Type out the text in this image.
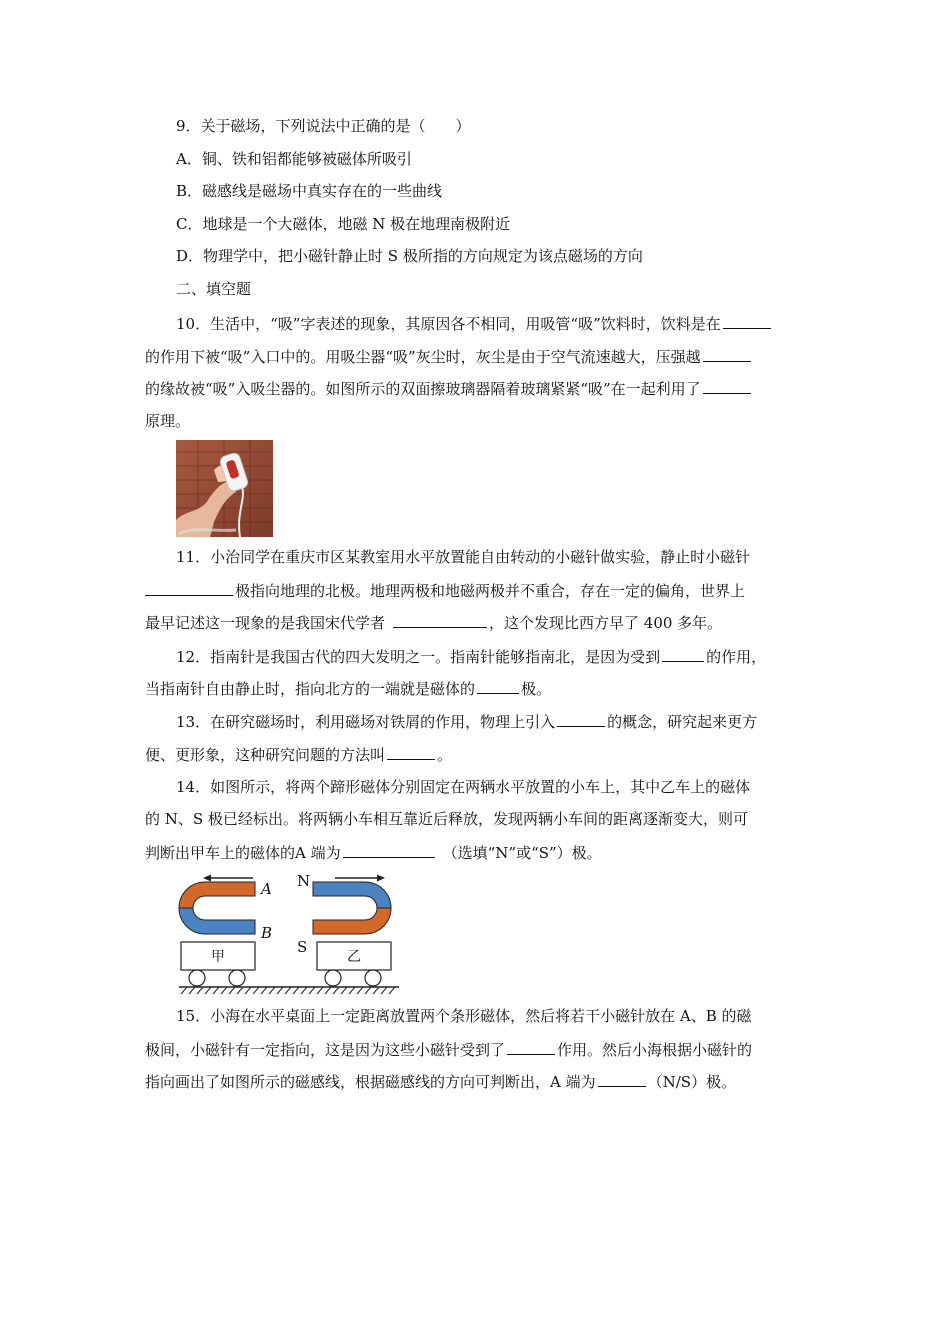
9．关于磁场，下列说法中正确的是（　　）
A．铜、铁和铝都能够被磁体所吸引
B．磁感线是磁场中真实存在的一些曲线
C．地球是一个大磁体，地磁 N 极在地理南极附近
D．物理学中，把小磁针静止时 S 极所指的方向规定为该点磁场的方向
二、填空题
10．生活中，“吸”字表述的现象，其原因各不相同，用吸管“吸”饮料时，饮料是在
的作用下被“吸”入口中的。用吸尘器“吸”灰尘时，灰尘是由于空气流速越大，压强越
的缘故被“吸”入吸尘器的。如图所示的双面擦玻璃器隔着玻璃紧紧“吸”在一起利用了
原理。
11．小治同学在重庆市区某教室用水平放置能自由转动的小磁针做实验，静止时小磁针
极指向地理的北极。地理两极和地磁两极并不重合，存在一定的偏角，世界上
最早记述这一现象的是我国宋代学者	，这个发现比西方早了 400 多年。
12．指南针是我国古代的四大发明之一。指南针能够指南北，是因为受到	的作用，
当指南针自由静止时，指向北方的一端就是磁体的	极。
13．在研究磁场时，利用磁场对铁屑的作用，物理上引入	的概念，研究起来更方
便、更形象，这种研究问题的方法叫	。
14．如图所示，将两个蹄形磁体分别固定在两辆水平放置的小车上，其中乙车上的磁体
的 N、S 极已经标出。将两辆小车相互靠近后释放，发现两辆小车间的距离逐渐变大，则可
判断出甲车上的磁体的A 端为	（选填“N”或“S”）极。
A
B
N
S
甲	乙
15．小海在水平桌面上一定距离放置两个条形磁体，然后将若干小磁针放在 A、B 的磁
极间，小磁针有一定指向，这是因为这些小磁针受到了	作用。然后小海根据小磁针的
指向画出了如图所示的磁感线，根据磁感线的方向可判断出，A 端为	（N/S）极。
